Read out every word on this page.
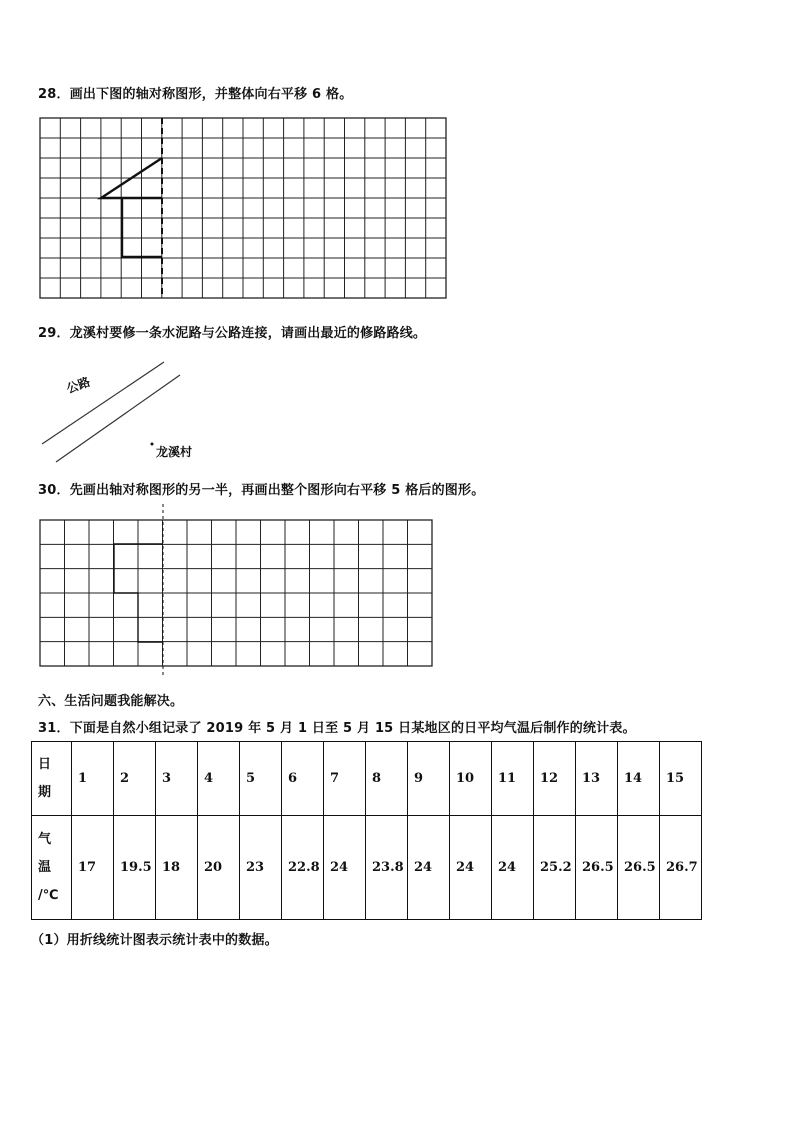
28．画出下图的轴对称图形，并整体向右平移 6 格。
公路
龙溪村
29．龙溪村要修一条水泥路与公路连接，请画出最近的修路路线。
30．先画出轴对称图形的另一半，再画出整个图形向右平移 5 格后的图形。
六、生活问题我能解决。
31．下面是自然小组记录了 2019 年 5 月 1 日至 5 月 15 日某地区的日平均气温后制作的统计表。
日
期	1	2	3	4	5	6	7	8	9	10	11	12	13	14	15

气
温
/℃	17	19.5	18	20	23	22.8	24	23.8	24	24	24	25.2	26.5	26.5	26.7
（1）用折线统计图表示统计表中的数据。
